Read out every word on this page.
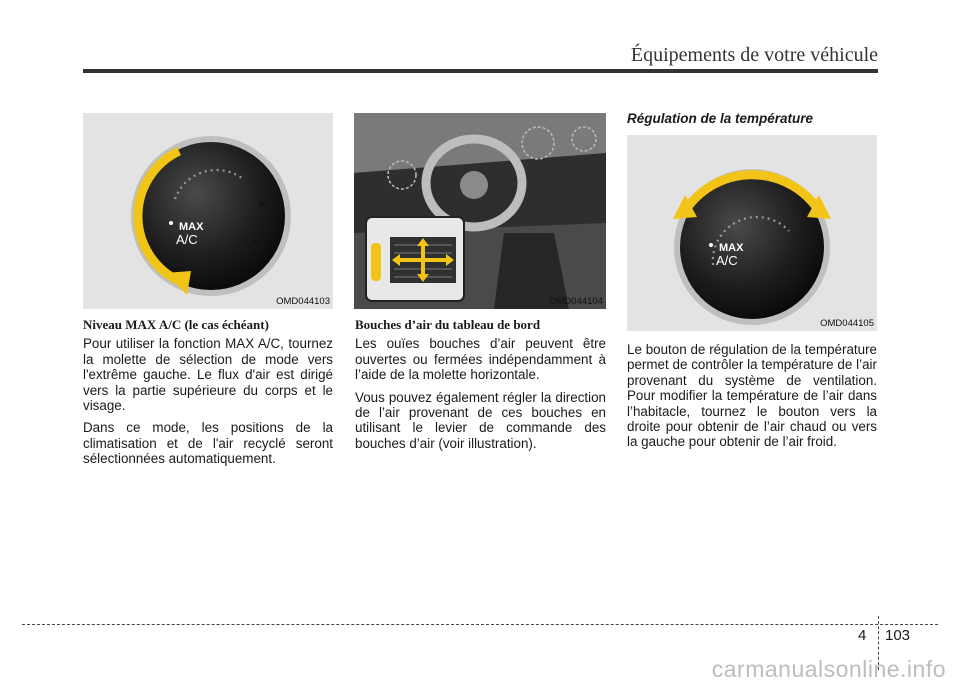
Équipements de votre véhicule
MAX
A/C
OMD044103	OMD044104
MAX
A/C
OMD044105

Niveau MAX A/C (le cas échéant)

Pour utiliser la fonction MAX A/C, tournez la molette de sélection de mode vers l'extrême gauche. Le flux d'air est dirigé vers la partie supérieure du corps et le visage.

Dans ce mode, les positions de la climatisation et de l'air recyclé seront sélectionnées automatiquement.

Bouches d’air du tableau de bord

Les ouïes bouches d’air peuvent être ouvertes ou fermées indépendamment à l’aide de la molette horizontale.

Vous pouvez également régler la direction de l’air provenant de ces bouches en utilisant le levier de commande des bouches d’air (voir illustration).

Régulation de la température

Le bouton de régulation de la température permet de contrôler la température de l’air provenant du système de ventilation. Pour modifier la température de l’air dans l’habitacle, tournez le bouton vers la droite pour obtenir de l’air chaud ou vers la gauche pour obtenir de l’air froid.

4 103
carmanualsonline.info
